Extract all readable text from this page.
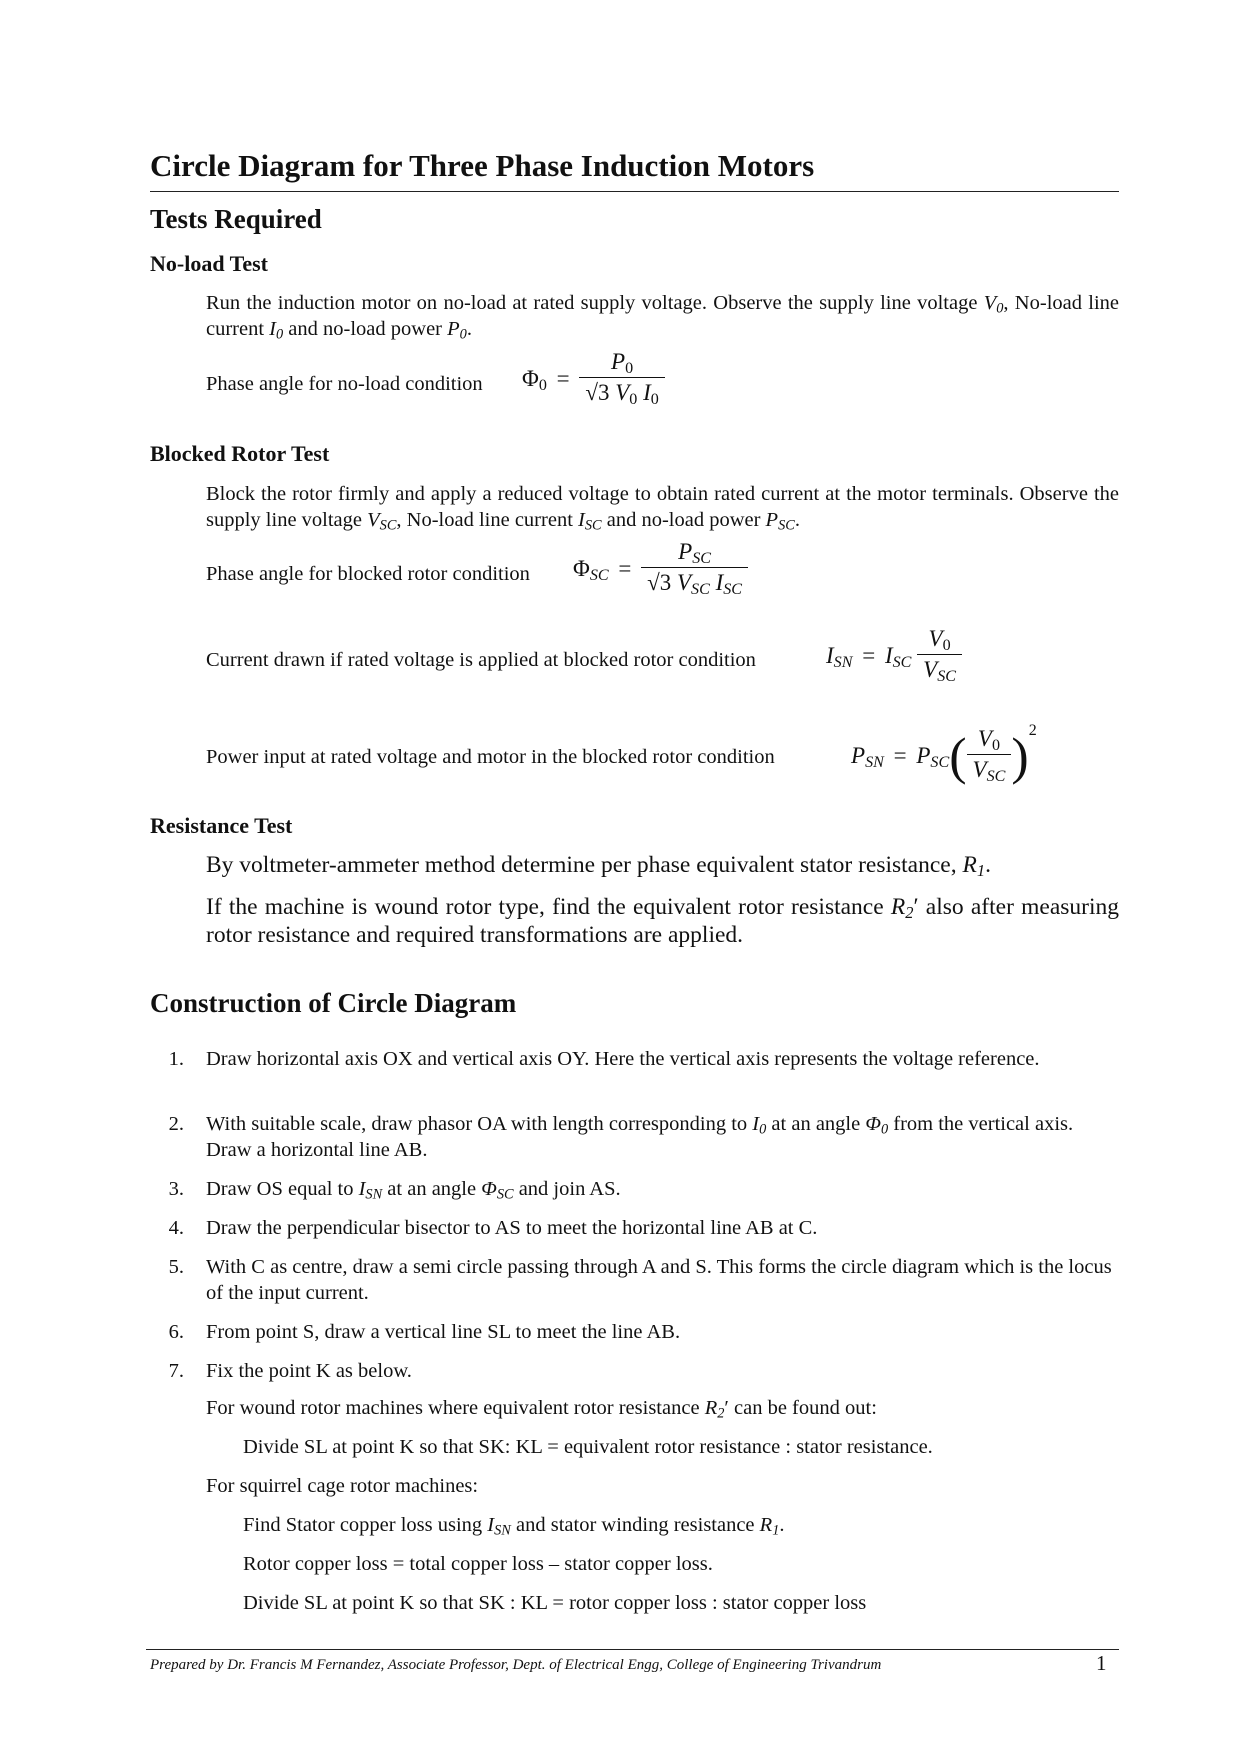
Circle Diagram for Three Phase Induction Motors
Tests Required
No-load Test
Run the induction motor on no-load at rated supply voltage. Observe the supply line voltage $V_0$, No-load line current $I_0$ and no-load power $P_0$.
Phase angle for no-load condition $\Phi_0 = \frac{P_0}{√3 V_0 I_0}$
Blocked Rotor Test
Block the rotor firmly and apply a reduced voltage to obtain rated current at the motor terminals. Observe the supply line voltage $V_{SC}$, No-load line current $I_{SC}$ and no-load power $P_{SC}$.
Phase angle for blocked rotor condition $\Phi_{SC} = \frac{P_{SC}}{√3 V_{SC} I_{SC}}$
Current drawn if rated voltage is applied at blocked rotor condition	$I_{SN} = I_{SC} \frac{V_0}{V_{SC}}$
Power input at rated voltage and motor in the blocked rotor condition	$P_{SN} = P_{SC}( \frac{V_0}{V_{SC}} )^2$
Resistance Test
By voltmeter-ammeter method determine per phase equivalent stator resistance, $R_1$.
If the machine is wound rotor type, find the equivalent rotor resistance $R_2'$ also after measuring rotor resistance and required transformations are applied.
Construction of Circle Diagram
1. Draw horizontal axis OX and vertical axis OY. Here the vertical axis represents the voltage reference.
2. With suitable scale, draw phasor OA with length corresponding to $I_0$ at an angle $\Phi_0$ from the vertical axis. Draw a horizontal line AB.
3. Draw OS equal to $I_{SN}$ at an angle $\Phi_{SC}$ and join AS.
4. Draw the perpendicular bisector to AS to meet the horizontal line AB at C.
5. With C as centre, draw a semi circle passing through A and S. This forms the circle diagram which is the locus of the input current.
6. From point S, draw a vertical line SL to meet the line AB.
7. Fix the point K as below.
For wound rotor machines where equivalent rotor resistance $R_2'$ can be found out:
Divide SL at point K so that SK: KL = equivalent rotor resistance : stator resistance.
For squirrel cage rotor machines:
Find Stator copper loss using $I_{SN}$ and stator winding resistance $R_1$.
Rotor copper loss = total copper loss – stator copper loss.
Divide SL at point K so that SK : KL = rotor copper loss : stator copper loss
Prepared by Dr. Francis M Fernandez, Associate Professor, Dept. of Electrical Engg, College of Engineering Trivandrum	1
